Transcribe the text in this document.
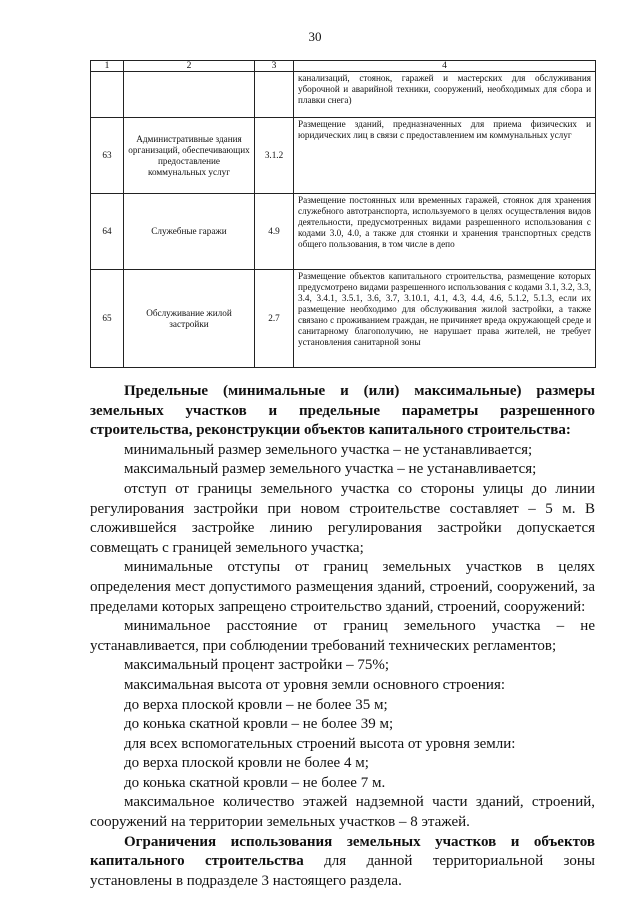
30
1	2	3	4
			канализаций, стоянок, гаражей и мастерских для обслуживания уборочной и аварийной техники, сооружений, необходимых для сбора и плавки снега)
63	Административные здания организаций, обеспечивающих предоставление коммунальных услуг	3.1.2	Размещение зданий, предназначенных для приема физических и юридических лиц в связи с предоставлением им коммунальных услуг
64	Служебные гаражи	4.9	Размещение постоянных или временных гаражей, стоянок для хранения служебного автотранспорта, используемого в целях осуществления видов деятельности, предусмотренных видами разрешенного использования с кодами 3.0, 4.0, а также для стоянки и хранения транспортных средств общего пользования, в том числе в депо
65	Обслуживание жилой застройки	2.7	Размещение объектов капитального строительства, размещение которых предусмотрено видами разрешенного использования с кодами 3.1, 3.2, 3.3, 3.4, 3.4.1, 3.5.1, 3.6, 3.7, 3.10.1, 4.1, 4.3, 4.4, 4.6, 5.1.2, 5.1.3, если их размещение необходимо для обслуживания жилой застройки, а также связано с проживанием граждан, не причиняет вреда окружающей среде и санитарному благополучию, не нарушает права жителей, не требует установления санитарной зоны

Предельные (минимальные и (или) максимальные) размеры земельных участков и предельные параметры разрешенного строительства, реконструкции объектов капитального строительства:

минимальный размер земельного участка – не устанавливается;

максимальный размер земельного участка – не устанавливается;

отступ от границы земельного участка со стороны улицы до линии регулирования застройки при новом строительстве составляет – 5 м. В сложившейся застройке линию регулирования застройки допускается совмещать с границей земельного участка;

минимальные отступы от границ земельных участков в целях определения мест допустимого размещения зданий, строений, сооружений, за пределами которых запрещено строительство зданий, строений, сооружений:

минимальное расстояние от границ земельного участка – не устанавливается, при соблюдении требований технических регламентов;

максимальный процент застройки – 75%;

максимальная высота от уровня земли основного строения:

до верха плоской кровли – не более 35 м;

до конька скатной кровли – не более 39 м;

для всех вспомогательных строений высота от уровня земли:

до верха плоской кровли не более 4 м;

до конька скатной кровли – не более 7 м.

максимальное количество этажей надземной части зданий, строений, сооружений на территории земельных участков – 8 этажей.

Ограничения использования земельных участков и объектов капитального строительства для данной территориальной зоны установлены в подразделе 3 настоящего раздела.
